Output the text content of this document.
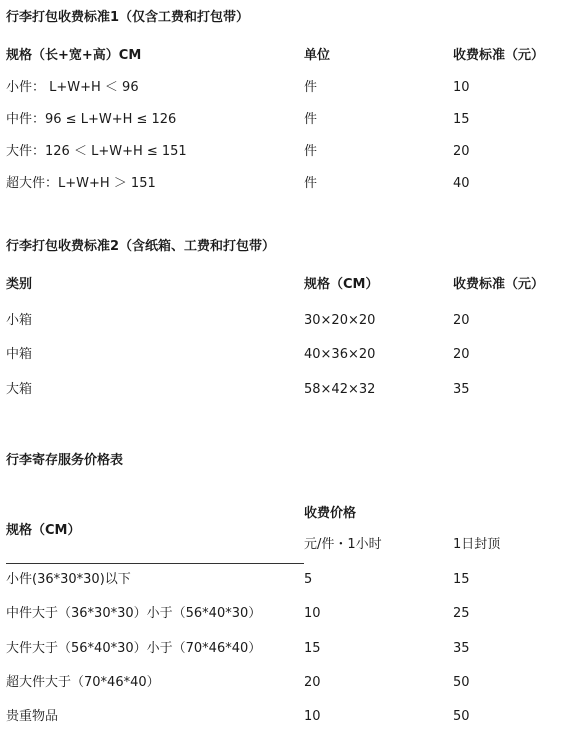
行李打包收费标准1（仅含工费和打包带）
规格（长+宽+高）CM	单位	收费标准（元）
小件： L+W+H ＜ 96	件	10
中件：96 ≤ L+W+H ≤ 126	件	15
大件：126 ＜ L+W+H ≤ 151	件	20
超大件：L+W+H ＞ 151	件	40
行李打包收费标准2（含纸箱、工费和打包带）
类别	规格（CM）	收费标准（元）
小箱	30×20×20	20
中箱	40×36×20	20
大箱	58×42×32	35
行李寄存服务价格表
规格（CM）
收费价格
元/件・1小时	1日封顶
小件(36*30*30)以下	5	15
中件大于（36*30*30）小于（56*40*30）	10	25
大件大于（56*40*30）小于（70*46*40）	15	35
超大件大于（70*46*40）	20	50
贵重物品	10	50
